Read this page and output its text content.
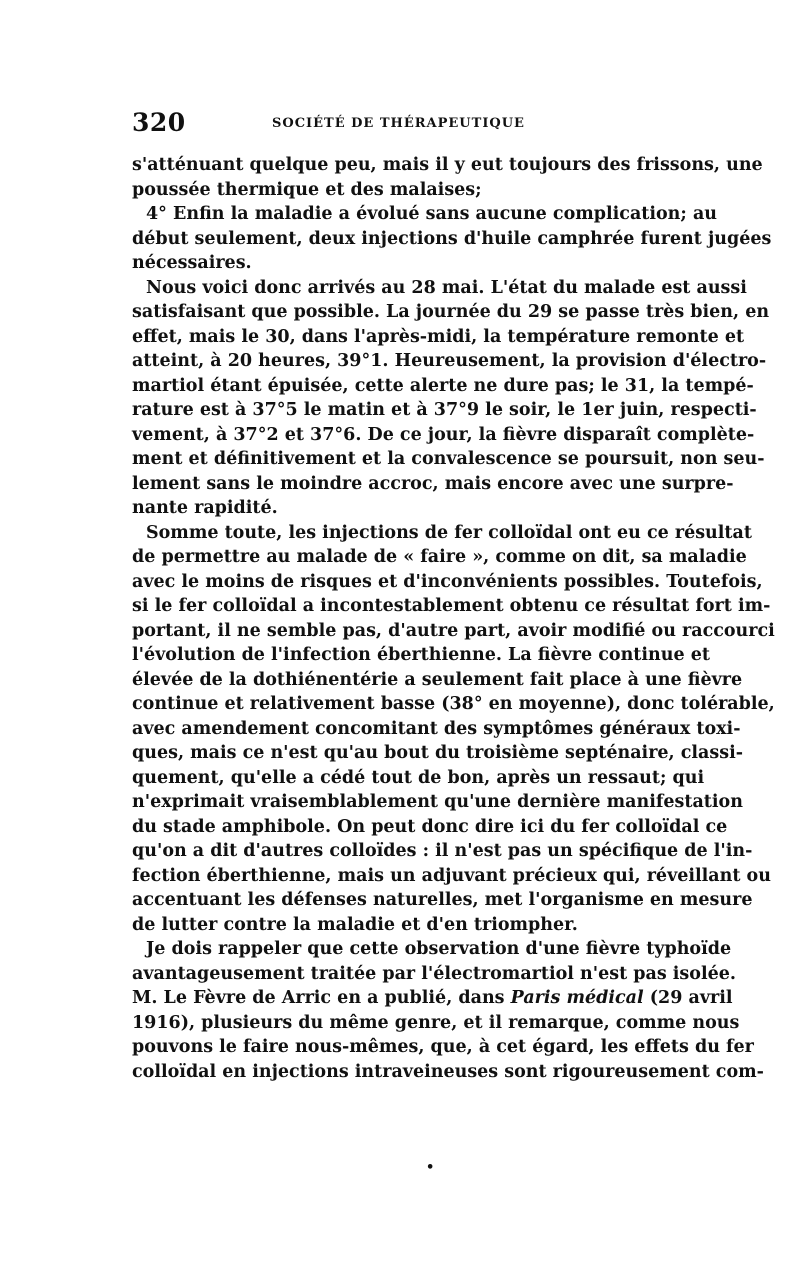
320	SOCIÉTÉ DE THÉRAPEUTIQUE
s'atténuant quelque peu, mais il y eut toujours des frissons, une
poussée thermique et des malaises;
4° Enfin la maladie a évolué sans aucune complication; au
début seulement, deux injections d'huile camphrée furent jugées
nécessaires.
Nous voici donc arrivés au 28 mai. L'état du malade est aussi
satisfaisant que possible. La journée du 29 se passe très bien, en
effet, mais le 30, dans l'après-midi, la température remonte et
atteint, à 20 heures, 39°1. Heureusement, la provision d'électro-
martiol étant épuisée, cette alerte ne dure pas; le 31, la tempé-
rature est à 37°5 le matin et à 37°9 le soir, le 1er juin, respecti-
vement, à 37°2 et 37°6. De ce jour, la fièvre disparaît complète-
ment et définitivement et la convalescence se poursuit, non seu-
lement sans le moindre accroc, mais encore avec une surpre-
nante rapidité.
Somme toute, les injections de fer colloïdal ont eu ce résultat
de permettre au malade de « faire », comme on dit, sa maladie
avec le moins de risques et d'inconvénients possibles. Toutefois,
si le fer colloïdal a incontestablement obtenu ce résultat fort im-
portant, il ne semble pas, d'autre part, avoir modifié ou raccourci
l'évolution de l'infection éberthienne. La fièvre continue et
élevée de la dothiénentérie a seulement fait place à une fièvre
continue et relativement basse (38° en moyenne), donc tolérable,
avec amendement concomitant des symptômes généraux toxi-
ques, mais ce n'est qu'au bout du troisième septénaire, classi-
quement, qu'elle a cédé tout de bon, après un ressaut; qui
n'exprimait vraisemblablement qu'une dernière manifestation
du stade amphibole. On peut donc dire ici du fer colloïdal ce
qu'on a dit d'autres colloïdes : il n'est pas un spécifique de l'in-
fection éberthienne, mais un adjuvant précieux qui, réveillant ou
accentuant les défenses naturelles, met l'organisme en mesure
de lutter contre la maladie et d'en triompher.
Je dois rappeler que cette observation d'une fièvre typhoïde
avantageusement traitée par l'électromartiol n'est pas isolée.
M. Le Fèvre de Arric en a publié, dans Paris médical (29 avril
1916), plusieurs du même genre, et il remarque, comme nous
pouvons le faire nous-mêmes, que, à cet égard, les effets du fer
colloïdal en injections intraveineuses sont rigoureusement com-
•
